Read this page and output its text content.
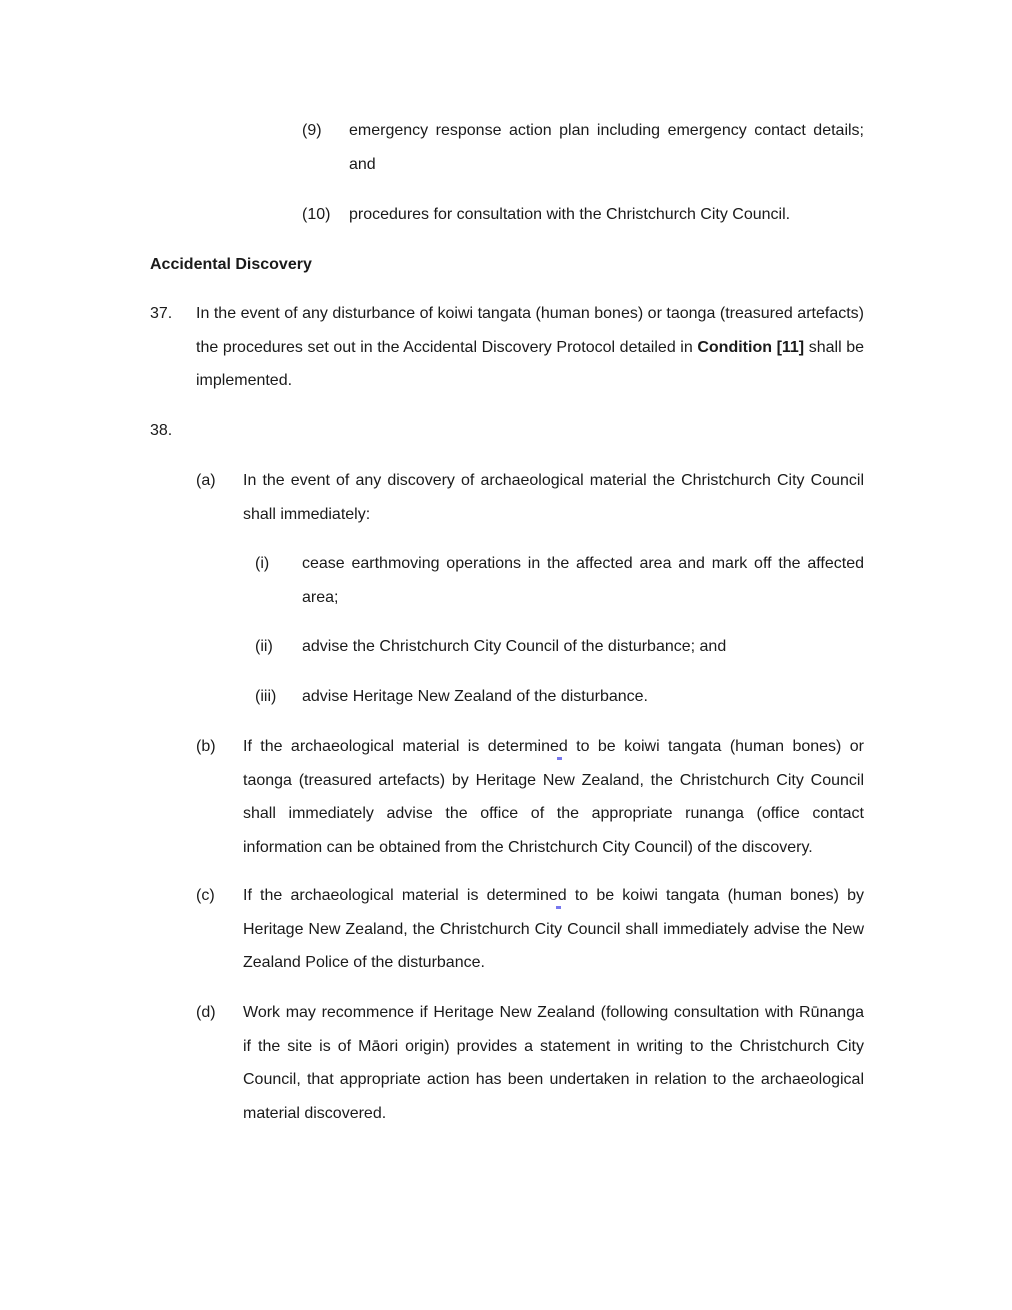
(9) emergency response action plan including emergency contact details; and
(10) procedures for consultation with the Christchurch City Council.
Accidental Discovery
37. In the event of any disturbance of koiwi tangata (human bones) or taonga (treasured artefacts) the procedures set out in the Accidental Discovery Protocol detailed in Condition [11] shall be implemented.
38.
(a) In the event of any discovery of archaeological material the Christchurch City Council shall immediately:
(i) cease earthmoving operations in the affected area and mark off the affected area;
(ii) advise the Christchurch City Council of the disturbance; and
(iii) advise Heritage New Zealand of the disturbance.
(b) If the archaeological material is determined to be koiwi tangata (human bones) or taonga (treasured artefacts) by Heritage New Zealand, the Christchurch City Council shall immediately advise the office of the appropriate runanga (office contact information can be obtained from the Christchurch City Council) of the discovery.
(c) If the archaeological material is determined to be koiwi tangata (human bones) by Heritage New Zealand, the Christchurch City Council shall immediately advise the New Zealand Police of the disturbance.
(d) Work may recommence if Heritage New Zealand (following consultation with Rūnanga if the site is of Māori origin) provides a statement in writing to the Christchurch City Council, that appropriate action has been undertaken in relation to the archaeological material discovered.
